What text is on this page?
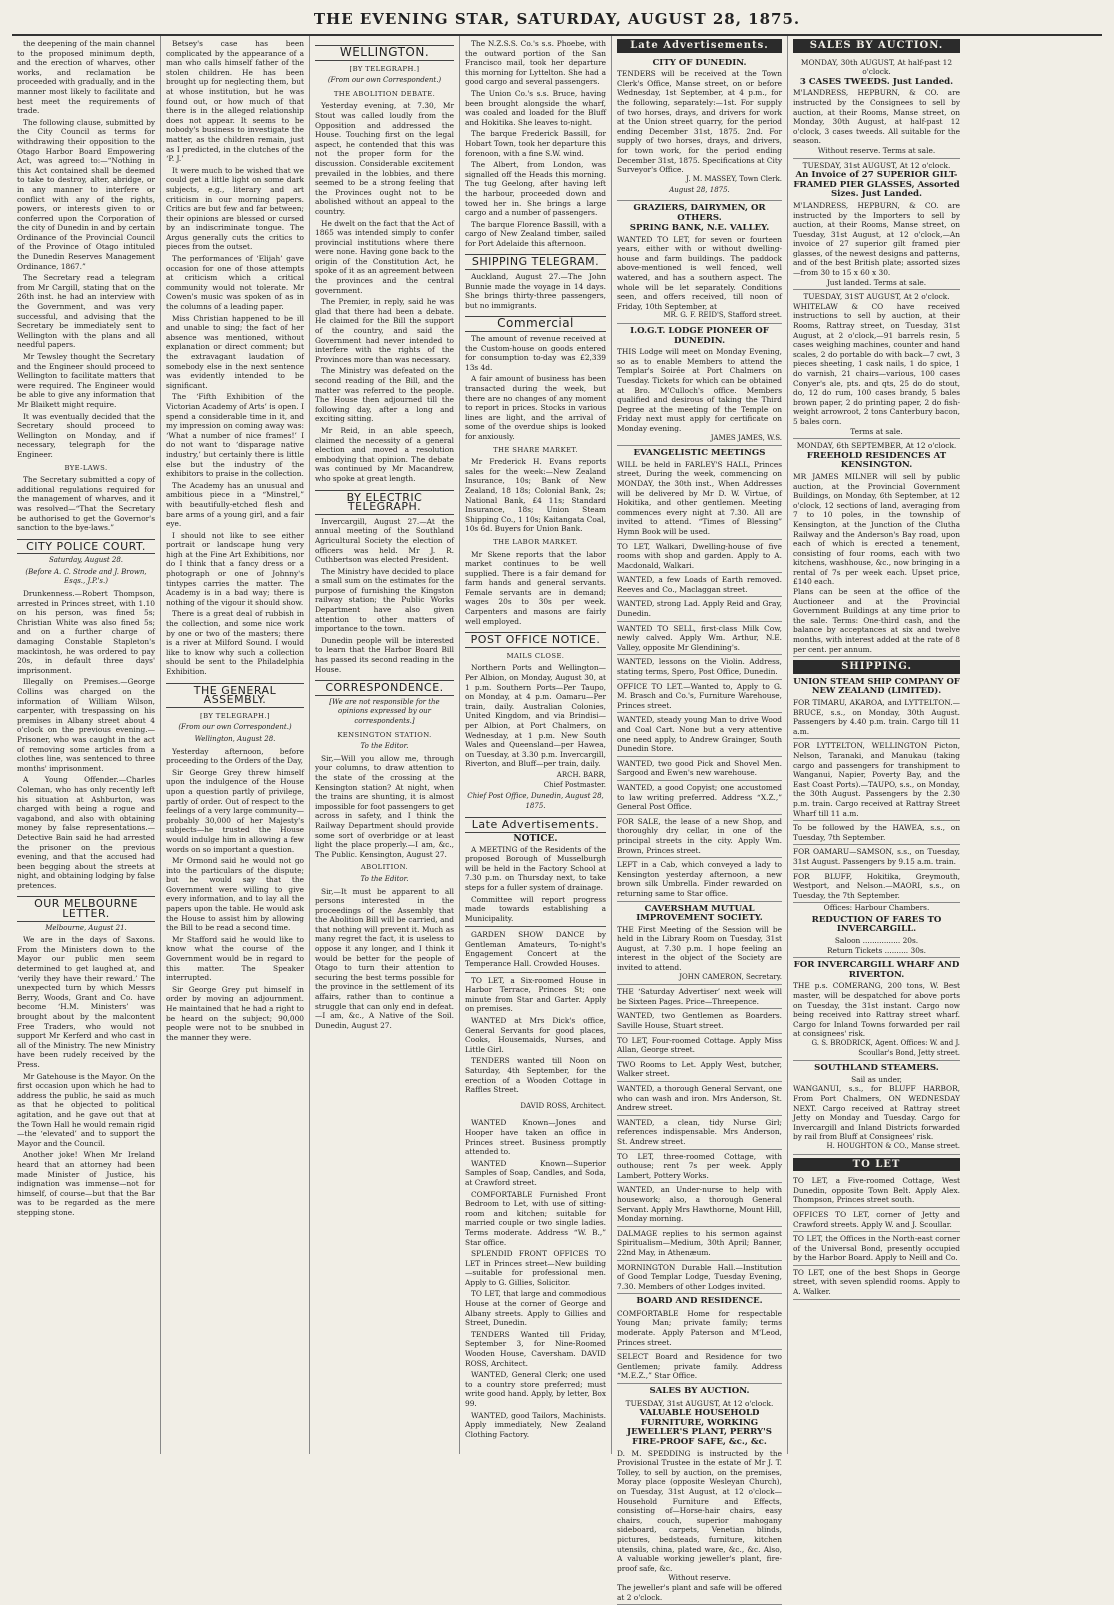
THE EVENING STAR, SATURDAY, AUGUST 28, 1875.

the deepening of the main channel to the proposed minimum depth, and the erection of wharves, other works, and reclamation be proceeded with gradually, and in the manner most likely to facilitate and best meet the requirements of trade.

The following clause, submitted by the City Council as terms for withdrawing their opposition to the Otago Harbor Board Empowering Act, was agreed to:—“Nothing in this Act contained shall be deemed to take to destroy, alter, abridge, or in any manner to interfere or conflict with any of the rights, powers, or interests given to or conferred upon the Corporation of the city of Dunedin in and by certain Ordinance of the Provincial Council of the Province of Otago intituled the Dunedin Reserves Management Ordinance, 1867.”

The Secretary read a telegram from Mr Cargill, stating that on the 26th inst. he had an interview with the Government, and was very successful, and advising that the Secretary be immediately sent to Wellington with the plans and all needful papers.

Mr Tewsley thought the Secretary and the Engineer should proceed to Wellington to facilitate matters that were required. The Engineer would be able to give any information that Mr Blaikett might require.

It was eventually decided that the Secretary should proceed to Wellington on Monday, and if necessary, telegraph for the Engineer.

BYE-LAWS.

The Secretary submitted a copy of additional regulations required for the management of wharves, and it was resolved—“That the Secretary be authorised to get the Governor's sanction to the bye-laws.”

CITY POLICE COURT.
Saturday, August 28.
(Before A. C. Strode and J. Brown, Esqs., J.P.'s.)

Drunkenness.—Robert Thompson, arrested in Princes street, with 1.10 on his person, was fined 5s; Christian White was also fined 5s; and on a further charge of damaging Constable Stapleton's mackintosh, he was ordered to pay 20s, in default three days' imprisonment.

Illegally on Premises.—George Collins was charged on the information of William Wilson, carpenter, with trespassing on his premises in Albany street about 4 o'clock on the previous evening.—Prisoner, who was caught in the act of removing some articles from a clothes line, was sentenced to three months' imprisonment.

A Young Offender.—Charles Coleman, who has only recently left his situation at Ashburton, was charged with being a rogue and vagabond, and also with obtaining money by false representations.—Detective Bain said he had arrested the prisoner on the previous evening, and that the accused had been begging about the streets at night, and obtaining lodging by false pretences.

OUR MELBOURNE LETTER.
Melbourne, August 21.

We are in the days of Saxons. From the Ministers down to the Mayor our public men seem determined to get laughed at, and ‘verily they have their reward.’ The unexpected turn by which Messrs Berry, Woods, Grant and Co. have become ‘H.M. Ministers’ was brought about by the malcontent Free Traders, who would not support Mr Kerferd and who cast in all of the Ministry. The new Ministry have been rudely received by the Press.

Mr Gatehouse is the Mayor. On the first occasion upon which he had to address the public, he said as much as that he objected to political agitation, and he gave out that at the Town Hall he would remain rigid—the ‘elevated’ and to support the Mayor and the Council.

Another joke! When Mr Ireland heard that an attorney had been made Minister of Justice, his indignation was immense—not for himself, of course—but that the Bar was to be regarded as the mere stepping stone.

Betsey's case has been complicated by the appearance of a man who calls himself father of the stolen children. He has been brought up for neglecting them, but at whose institution, but he was found out, or how much of that there is in the alleged relationship does not appear. It seems to be nobody's business to investigate the matter, as the children remain, just as I predicted, in the clutches of the ‘P. J.’

It were much to be wished that we could get a little light on some dark subjects, e.g., literary and art criticism in our morning papers. Critics are but few and far between; their opinions are blessed or cursed by an indiscriminate tongue. The Argus generally cuts the critics to pieces from the outset.

The performances of ‘Elijah’ gave occasion for one of those attempts at criticism which a critical community would not tolerate. Mr Cowen's music was spoken of as in the columns of a leading paper.

Miss Christian happened to be ill and unable to sing; the fact of her absence was mentioned, without explanation or direct comment; but the extravagant laudation of somebody else in the next sentence was evidently intended to be significant.

The ‘Fifth Exhibition of the Victorian Academy of Arts’ is open. I spend a considerable time in it, and my impression on coming away was: ‘What a number of nice frames!’ I do not want to ‘disparage native industry,’ but certainly there is little else but the industry of the exhibitors to praise in the collection.

The Academy has an unusual and ambitious piece in a “Minstrel,” with beautifully-etched flesh and bare arms of a young girl, and a fair eye.

I should not like to see either portrait or landscape hung very high at the Fine Art Exhibitions, nor do I think that a fancy dress or a photograph or one of Johnny's tintypes carries the matter. The Academy is in a bad way; there is nothing of the vigour it should show.

There is a great deal of rubbish in the collection, and some nice work by one or two of the masters; there is a river at Milford Sound. I would like to know why such a collection should be sent to the Philadelphia Exhibition.

THE GENERAL ASSEMBLY.
[BY TELEGRAPH.]
(From our own Correspondent.)
Wellington, August 28.

Yesterday afternoon, before proceeding to the Orders of the Day,

Sir George Grey threw himself upon the indulgence of the House upon a question partly of privilege, partly of order. Out of respect to the feelings of a very large community—probably 30,000 of her Majesty's subjects—he trusted the House would indulge him in allowing a few words on so important a question.

Mr Ormond said he would not go into the particulars of the dispute; but he would say that the Government were willing to give every information, and to lay all the papers upon the table. He would ask the House to assist him by allowing the Bill to be read a second time.

Mr Stafford said he would like to know what the course of the Government would be in regard to this matter. The Speaker interrupted.

Sir George Grey put himself in order by moving an adjournment. He maintained that he had a right to be heard on the subject; 90,000 people were not to be snubbed in the manner they were.

WELLINGTON.
[BY TELEGRAPH.]
(From our own Correspondent.)
THE ABOLITION DEBATE.

Yesterday evening, at 7.30, Mr Stout was called loudly from the Opposition and addressed the House. Touching first on the legal aspect, he contended that this was not the proper form for the discussion. Considerable excitement prevailed in the lobbies, and there seemed to be a strong feeling that the Provinces ought not to be abolished without an appeal to the country.

He dwelt on the fact that the Act of 1865 was intended simply to confer provincial institutions where there were none. Having gone back to the origin of the Constitution Act, he spoke of it as an agreement between the provinces and the central government.

The Premier, in reply, said he was glad that there had been a debate. He claimed for the Bill the support of the country, and said the Government had never intended to interfere with the rights of the Provinces more than was necessary.

The Ministry was defeated on the second reading of the Bill, and the matter was referred to the people. The House then adjourned till the following day, after a long and exciting sitting.

Mr Reid, in an able speech, claimed the necessity of a general election and moved a resolution embodying that opinion. The debate was continued by Mr Macandrew, who spoke at great length.

BY ELECTRIC TELEGRAPH.

Invercargill, August 27.—At the annual meeting of the Southland Agricultural Society the election of officers was held. Mr J. R. Cuthbertson was elected President.

The Ministry have decided to place a small sum on the estimates for the purpose of furnishing the Kingston railway station; the Public Works Department have also given attention to other matters of importance to the town.

Dunedin people will be interested to learn that the Harbor Board Bill has passed its second reading in the House.

CORRESPONDENCE.
[We are not responsible for the opinions expressed by our correspondents.]
KENSINGTON STATION.
To the Editor.

Sir,—Will you allow me, through your columns, to draw attention to the state of the crossing at the Kensington station? At night, when the trains are shunting, it is almost impossible for foot passengers to get across in safety, and I think the Railway Department should provide some sort of overbridge or at least light the place properly.—I am, &c., The Public. Kensington, August 27.

ABOLITION.
To the Editor.

Sir,—It must be apparent to all persons interested in the proceedings of the Assembly that the Abolition Bill will be carried, and that nothing will prevent it. Much as many regret the fact, it is useless to oppose it any longer, and I think it would be better for the people of Otago to turn their attention to securing the best terms possible for the province in the settlement of its affairs, rather than to continue a struggle that can only end in defeat.—I am, &c., A Native of the Soil. Dunedin, August 27.

The N.Z.S.S. Co.'s s.s. Phoebe, with the outward portion of the San Francisco mail, took her departure this morning for Lyttelton. She had a good cargo and several passengers.

The Union Co.'s s.s. Bruce, having been brought alongside the wharf, was coaled and loaded for the Bluff and Hokitika. She leaves to-night.

The barque Frederick Bassill, for Hobart Town, took her departure this forenoon, with a fine S.W. wind.

The Albert, from London, was signalled off the Heads this morning. The tug Geelong, after having left the harbour, proceeded down and towed her in. She brings a large cargo and a number of passengers.

The barque Florence Bassill, with a cargo of New Zealand timber, sailed for Port Adelaide this afternoon.

SHIPPING TELEGRAM.

Auckland, August 27.—The John Bunnie made the voyage in 14 days. She brings thirty-three passengers, but no immigrants.

Commercial

The amount of revenue received at the Custom-house on goods entered for consumption to-day was £2,339 13s 4d.

A fair amount of business has been transacted during the week, but there are no changes of any moment to report in prices. Stocks in various lines are light, and the arrival of some of the overdue ships is looked for anxiously.

THE SHARE MARKET.

Mr Frederick H. Evans reports sales for the week:—New Zealand Insurance, 10s; Bank of New Zealand, 18 18s; Colonial Bank, 2s; National Bank, £4 11s; Standard Insurance, 18s; Union Steam Shipping Co., 1 10s; Kaitangata Coal, 10s 6d. Buyers for Union Bank.

THE LABOR MARKET.

Mr Skene reports that the labor market continues to be well supplied. There is a fair demand for farm hands and general servants. Female servants are in demand; wages 20s to 30s per week. Carpenters and masons are fairly well employed.

POST OFFICE NOTICE.
MAILS CLOSE.

Northern Ports and Wellington—Per Albion, on Monday, August 30, at 1 p.m. Southern Ports—Per Taupo, on Monday, at 4 p.m. Oamaru—Per train, daily. Australian Colonies, United Kingdom, and via Brindisi—per Albion, at Port Chalmers, on Wednesday, at 1 p.m. New South Wales and Queensland—per Hawea, on Tuesday, at 3.30 p.m. Invercargill, Riverton, and Bluff—per train, daily.

ARCH. BARR,
Chief Postmaster.
Chief Post Office, Dunedin, August 28, 1875.
Late Advertisements.
NOTICE.

A MEETING of the Residents of the proposed Borough of Musselburgh will be held in the Factory School at 7.30 p.m. on Thursday next, to take steps for a fuller system of drainage.

Committee will report progress made towards establishing a Municipality.

GARDEN SHOW DANCE by Gentleman Amateurs, To-night's Engagement Concert at the Temperance Hall. Crowded Houses.

TO LET, a Six-roomed House in Harbor Terrace, Princes St; one minute from Star and Garter. Apply on premises.

WANTED at Mrs Dick's office, General Servants for good places, Cooks, Housemaids, Nurses, and Little Girl.

TENDERS wanted till Noon on Saturday, 4th September, for the erection of a Wooden Cottage in Raffles Street.

DAVID ROSS, Architect.

WANTED Known—Jones and Hooper have taken an office in Princes street. Business promptly attended to.

WANTED Known—Superior Samples of Soap, Candles, and Soda, at Crawford street.

COMFORTABLE Furnished Front Bedroom to Let, with use of sitting-room and kitchen; suitable for married couple or two single ladies. Terms moderate. Address “W. B.,” Star office.

SPLENDID FRONT OFFICES TO LET in Princes street—New building—suitable for professional men. Apply to G. Gillies, Solicitor.

TO LET, that large and commodious House at the corner of George and Albany streets. Apply to Gillies and Street, Dunedin.

TENDERS Wanted till Friday, September 3, for Nine-Roomed Wooden House, Caversham. DAVID ROSS, Architect.

WANTED, General Clerk; one used to a country store preferred; must write good hand. Apply, by letter, Box 99.

WANTED, good Tailors, Machinists. Apply immediately, New Zealand Clothing Factory.

Late Advertisements.
CITY OF DUNEDIN.

TENDERS will be received at the Town Clerk's Office, Manse street, on or before Wednesday, 1st September, at 4 p.m., for the following, separately:—1st. For supply of two horses, drays, and drivers for work at the Union street quarry, for the period ending December 31st, 1875. 2nd. For supply of two horses, drays, and drivers, for town work, for the period ending December 31st, 1875. Specifications at City Surveyor's Office.

J. M. MASSEY, Town Clerk.
August 28, 1875.
GRAZIERS, DAIRYMEN, OR OTHERS.
SPRING BANK, N.E. VALLEY.

WANTED TO LET, for seven or fourteen years, either with or without dwelling-house and farm buildings. The paddock above-mentioned is well fenced, well watered, and has a southern aspect. The whole will be let separately. Conditions seen, and offers received, till noon of Friday, 10th September, at

MR. G. F. REID'S, Stafford street.
I.O.G.T. LODGE PIONEER OF DUNEDIN.

THIS Lodge will meet on Monday Evening, so as to enable Members to attend the Templar's Soirée at Port Chalmers on Tuesday. Tickets for which can be obtained at Bro. M'Culloch's office. Members qualified and desirous of taking the Third Degree at the meeting of the Temple on Friday next must apply for certificate on Monday evening.

JAMES JAMES, W.S.
EVANGELISTIC MEETINGS

WILL be held in FARLEY'S HALL, Princes street, During the week, commencing on MONDAY, the 30th inst., When Addresses will be delivered by Mr D. W. Virtue, of Hokitika, and other gentlemen. Meeting commences every night at 7.30. All are invited to attend. “Times of Blessing” Hymn Book will be used.

TO LET, Walkari, Dwelling-house of five rooms with shop and garden. Apply to A. Macdonald, Walkari.

WANTED, a few Loads of Earth removed. Reeves and Co., Maclaggan street.

WANTED, strong Lad. Apply Reid and Gray, Dunedin.

WANTED TO SELL, first-class Milk Cow, newly calved. Apply Wm. Arthur, N.E. Valley, opposite Mr Glendining's.

WANTED, lessons on the Violin. Address, stating terms, Spero, Post Office, Dunedin.

OFFICE TO LET.—Wanted to, Apply to G. M. Brasch and Co.'s, Furniture Warehouse, Princes street.

WANTED, steady young Man to drive Wood and Coal Cart. None but a very attentive one need apply, to Andrew Grainger, South Dunedin Store.

WANTED, two good Pick and Shovel Men. Sargood and Ewen's new warehouse.

WANTED, a good Copyist; one accustomed to law writing preferred. Address “X.Z.,” General Post Office.

FOR SALE, the lease of a new Shop, and thoroughly dry cellar, in one of the principal streets in the city. Apply Wm. Brown, Princes street.

LEFT in a Cab, which conveyed a lady to Kensington yesterday afternoon, a new brown silk Umbrella. Finder rewarded on returning same to Star office.

CAVERSHAM MUTUAL IMPROVEMENT SOCIETY.

THE First Meeting of the Session will be held in the Library Room on Tuesday, 31st August, at 7.30 p.m. I hope feeling an interest in the object of the Society are invited to attend.

JOHN CAMERON, Secretary.

THE ‘Saturday Advertiser’ next week will be Sixteen Pages. Price—Threepence.

WANTED, two Gentlemen as Boarders. Saville House, Stuart street.

TO LET, Four-roomed Cottage. Apply Miss Allan, George street.

TWO Rooms to Let. Apply West, butcher, Walker street.

WANTED, a thorough General Servant, one who can wash and iron. Mrs Anderson, St. Andrew street.

WANTED, a clean, tidy Nurse Girl; references indispensable. Mrs Anderson, St. Andrew street.

TO LET, three-roomed Cottage, with outhouse; rent 7s per week. Apply Lambert, Pottery Works.

WANTED, an Under-nurse to help with housework; also, a thorough General Servant. Apply Mrs Hawthorne, Mount Hill, Monday morning.

DALMAGE replies to his sermon against Spiritualism—Medium, 30th April; Banner, 22nd May, in Athenæum.

MORNINGTON Durable Hall.—Institution of Good Templar Lodge, Tuesday Evening, 7.30. Members of other Lodges invited.

BOARD AND RESIDENCE.

COMFORTABLE Home for respectable Young Man; private family; terms moderate. Apply Paterson and M'Leod, Princes street.

SELECT Board and Residence for two Gentlemen; private family. Address “M.E.Z.,” Star Office.

SALES BY AUCTION.
TUESDAY, 31st AUGUST, At 12 o'clock.
VALUABLE HOUSEHOLD FURNITURE, WORKING JEWELLER'S PLANT, PERRY'S FIRE-PROOF SAFE, &c., &c.

D. M. SPEDDING is instructed by the Provisional Trustee in the estate of Mr J. T. Tolley, to sell by auction, on the premises, Moray place (opposite Wesleyan Church), on Tuesday, 31st August, at 12 o'clock—Household Furniture and Effects, consisting of—Horse-hair chairs, easy chairs, couch, superior mahogany sideboard, carpets, Venetian blinds, pictures, bedsteads, furniture, kitchen utensils, china, plated ware, &c., &c. Also, A valuable working jeweller's plant, fire-proof safe, &c.

Without reserve.

The jeweller's plant and safe will be offered at 2 o'clock.

SALES BY AUCTION.
MONDAY, 30th AUGUST, At half-past 12 o'clock.
3 CASES TWEEDS. Just Landed.

M'LANDRESS, HEPBURN, & CO. are instructed by the Consignees to sell by auction, at their Rooms, Manse street, on Monday, 30th August, at half-past 12 o'clock, 3 cases tweeds. All suitable for the season.

Without reserve. Terms at sale.
TUESDAY, 31st AUGUST, At 12 o'clock.
An Invoice of 27 SUPERIOR GILT-FRAMED PIER GLASSES, Assorted Sizes. Just Landed.

M'LANDRESS, HEPBURN, & CO. are instructed by the Importers to sell by auction, at their Rooms, Manse street, on Tuesday, 31st August, at 12 o'clock,—An invoice of 27 superior gilt framed pier glasses, of the newest designs and patterns, and of the best British plate; assorted sizes—from 30 to 15 x 60 x 30.

Just landed. Terms at sale.
TUESDAY, 31ST AUGUST, At 2 o'clock.

WHITELAW & CO have received instructions to sell by auction, at their Rooms, Rattray street, on Tuesday, 31st August, at 2 o'clock,—91 barrels resin, 5 cases weighing machines, counter and hand scales, 2 do portable do with back—7 cwt, 3 pieces sheeting, 1 cask nails, 1 do spice, 1 do varnish, 21 chairs—various, 100 cases Conyer's ale, pts. and qts, 25 do do stout, do, 12 do rum, 100 cases brandy, 5 bales brown paper, 2 do printing paper, 2 do fish-weight arrowroot, 2 tons Canterbury bacon, 5 bales corn.

Terms at sale.
MONDAY, 6th SEPTEMBER, At 12 o'clock.
FREEHOLD RESIDENCES AT KENSINGTON.

MR JAMES MILNER will sell by public auction, at the Provincial Government Buildings, on Monday, 6th September, at 12 o'clock, 12 sections of land, averaging from 7 to 10 poles, in the township of Kensington, at the Junction of the Clutha Railway and the Anderson's Bay road, upon each of which is erected a tenement, consisting of four rooms, each with two kitchens, washhouse, &c., now bringing in a rental of 7s per week each. Upset price, £140 each.

Plans can be seen at the office of the Auctioneer and at the Provincial Government Buildings at any time prior to the sale. Terms: One-third cash, and the balance by acceptances at six and twelve months, with interest added at the rate of 8 per cent. per annum.

SHIPPING.
UNION STEAM SHIP COMPANY OF NEW ZEALAND (LIMITED).

FOR TIMARU, AKAROA, and LYTTELTON.—BRUCE, s.s., on Monday, 30th August. Passengers by 4.40 p.m. train. Cargo till 11 a.m.

FOR LYTTELTON, WELLINGTON Picton, Nelson, Taranaki, and Manukau (taking cargo and passengers for transhipment to Wanganui, Napier, Poverty Bay, and the East Coast Ports).—TAUPO, s.s., on Monday, the 30th August. Passengers by the 2.30 p.m. train. Cargo received at Rattray Street Wharf till 11 a.m.

To be followed by the HAWEA, s.s., on Tuesday, 7th September.

FOR OAMARU—SAMSON, s.s., on Tuesday, 31st August. Passengers by 9.15 a.m. train.

FOR BLUFF, Hokitika, Greymouth, Westport, and Nelson.—MAORI, s.s., on Tuesday, the 7th September.

Offices: Harbour Chambers.
REDUCTION OF FARES TO INVERCARGILL.
Saloon ................ 20s.
Return Tickets .......... 30s.
FOR INVERCARGILL WHARF AND RIVERTON.

THE p.s. COMERANG, 200 tons, W. Best master, will be despatched for above ports on Tuesday, the 31st instant. Cargo now being received into Rattray street wharf. Cargo for Inland Towns forwarded per rail at consignees' risk.

G. S. BRODRICK, Agent. Offices: W. and J. Scoullar's Bond, Jetty street.
SOUTHLAND STEAMERS.
Sail as under,

WANGANUI, s.s., for BLUFF HARBOR, From Port Chalmers, ON WEDNESDAY NEXT. Cargo received at Rattray street Jetty on Monday and Tuesday. Cargo for Invercargill and Inland Districts forwarded by rail from Bluff at Consignees' risk.

H. HOUGHTON & CO., Manse street.
TO LET

TO LET, a Five-roomed Cottage, West Dunedin, opposite Town Belt. Apply Alex. Thompson, Princes street south.

OFFICES TO LET, corner of Jetty and Crawford streets. Apply W. and J. Scoullar.

TO LET, the Offices in the North-east corner of the Universal Bond, presently occupied by the Harbor Board. Apply to Neill and Co.

TO LET, one of the best Shops in George street, with seven splendid rooms. Apply to A. Walker.
